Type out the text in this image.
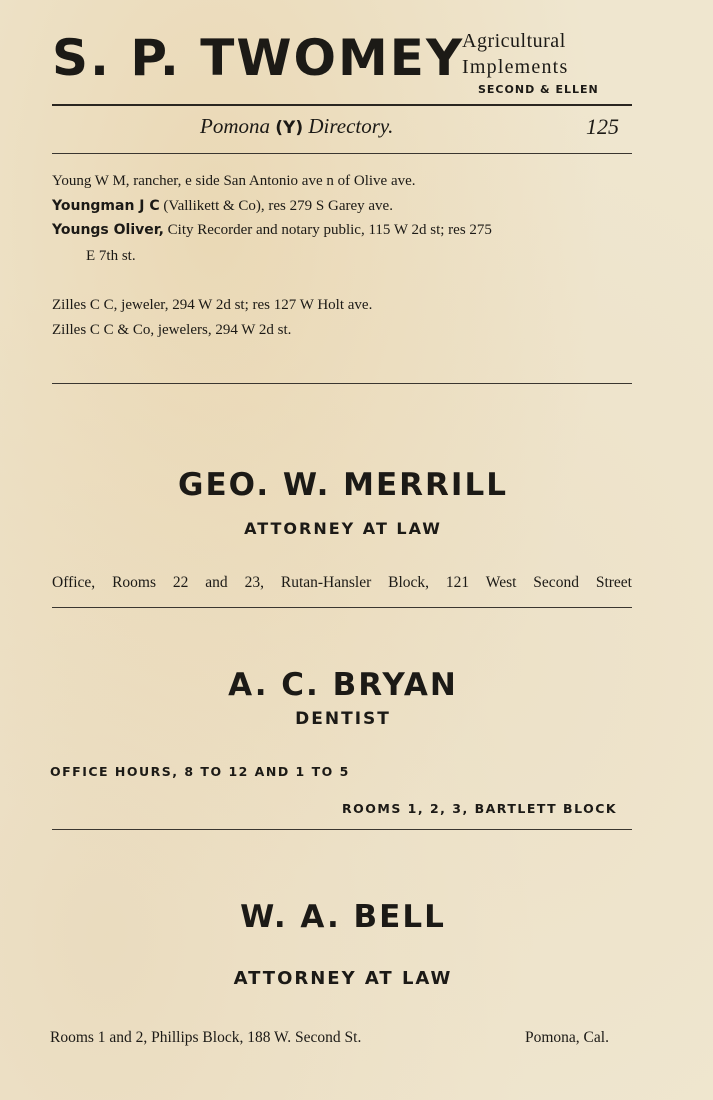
S. P. TWOMEY
Agricultural
Implements
SECOND & ELLEN
Pomona (Y) Directory.	125
Young W M, rancher, e side San Antonio ave n of Olive ave.
Youngman J C (Vallikett & Co), res 279 S Garey ave.
Youngs Oliver, City Recorder and notary public, 115 W 2d st; res 275
E 7th st.
Zilles C C, jeweler, 294 W 2d st; res 127 W Holt ave.
Zilles C C & Co, jewelers, 294 W 2d st.
GEO. W. MERRILL
ATTORNEY AT LAW
Office, Rooms 22 and 23, Rutan-Hansler Block, 121 West Second Street
A. C. BRYAN
DENTIST
OFFICE HOURS, 8 TO 12 AND 1 TO 5
ROOMS 1, 2, 3, BARTLETT BLOCK
W. A. BELL
ATTORNEY AT LAW
Rooms 1 and 2, Phillips Block, 188 W. Second St.	Pomona, Cal.
